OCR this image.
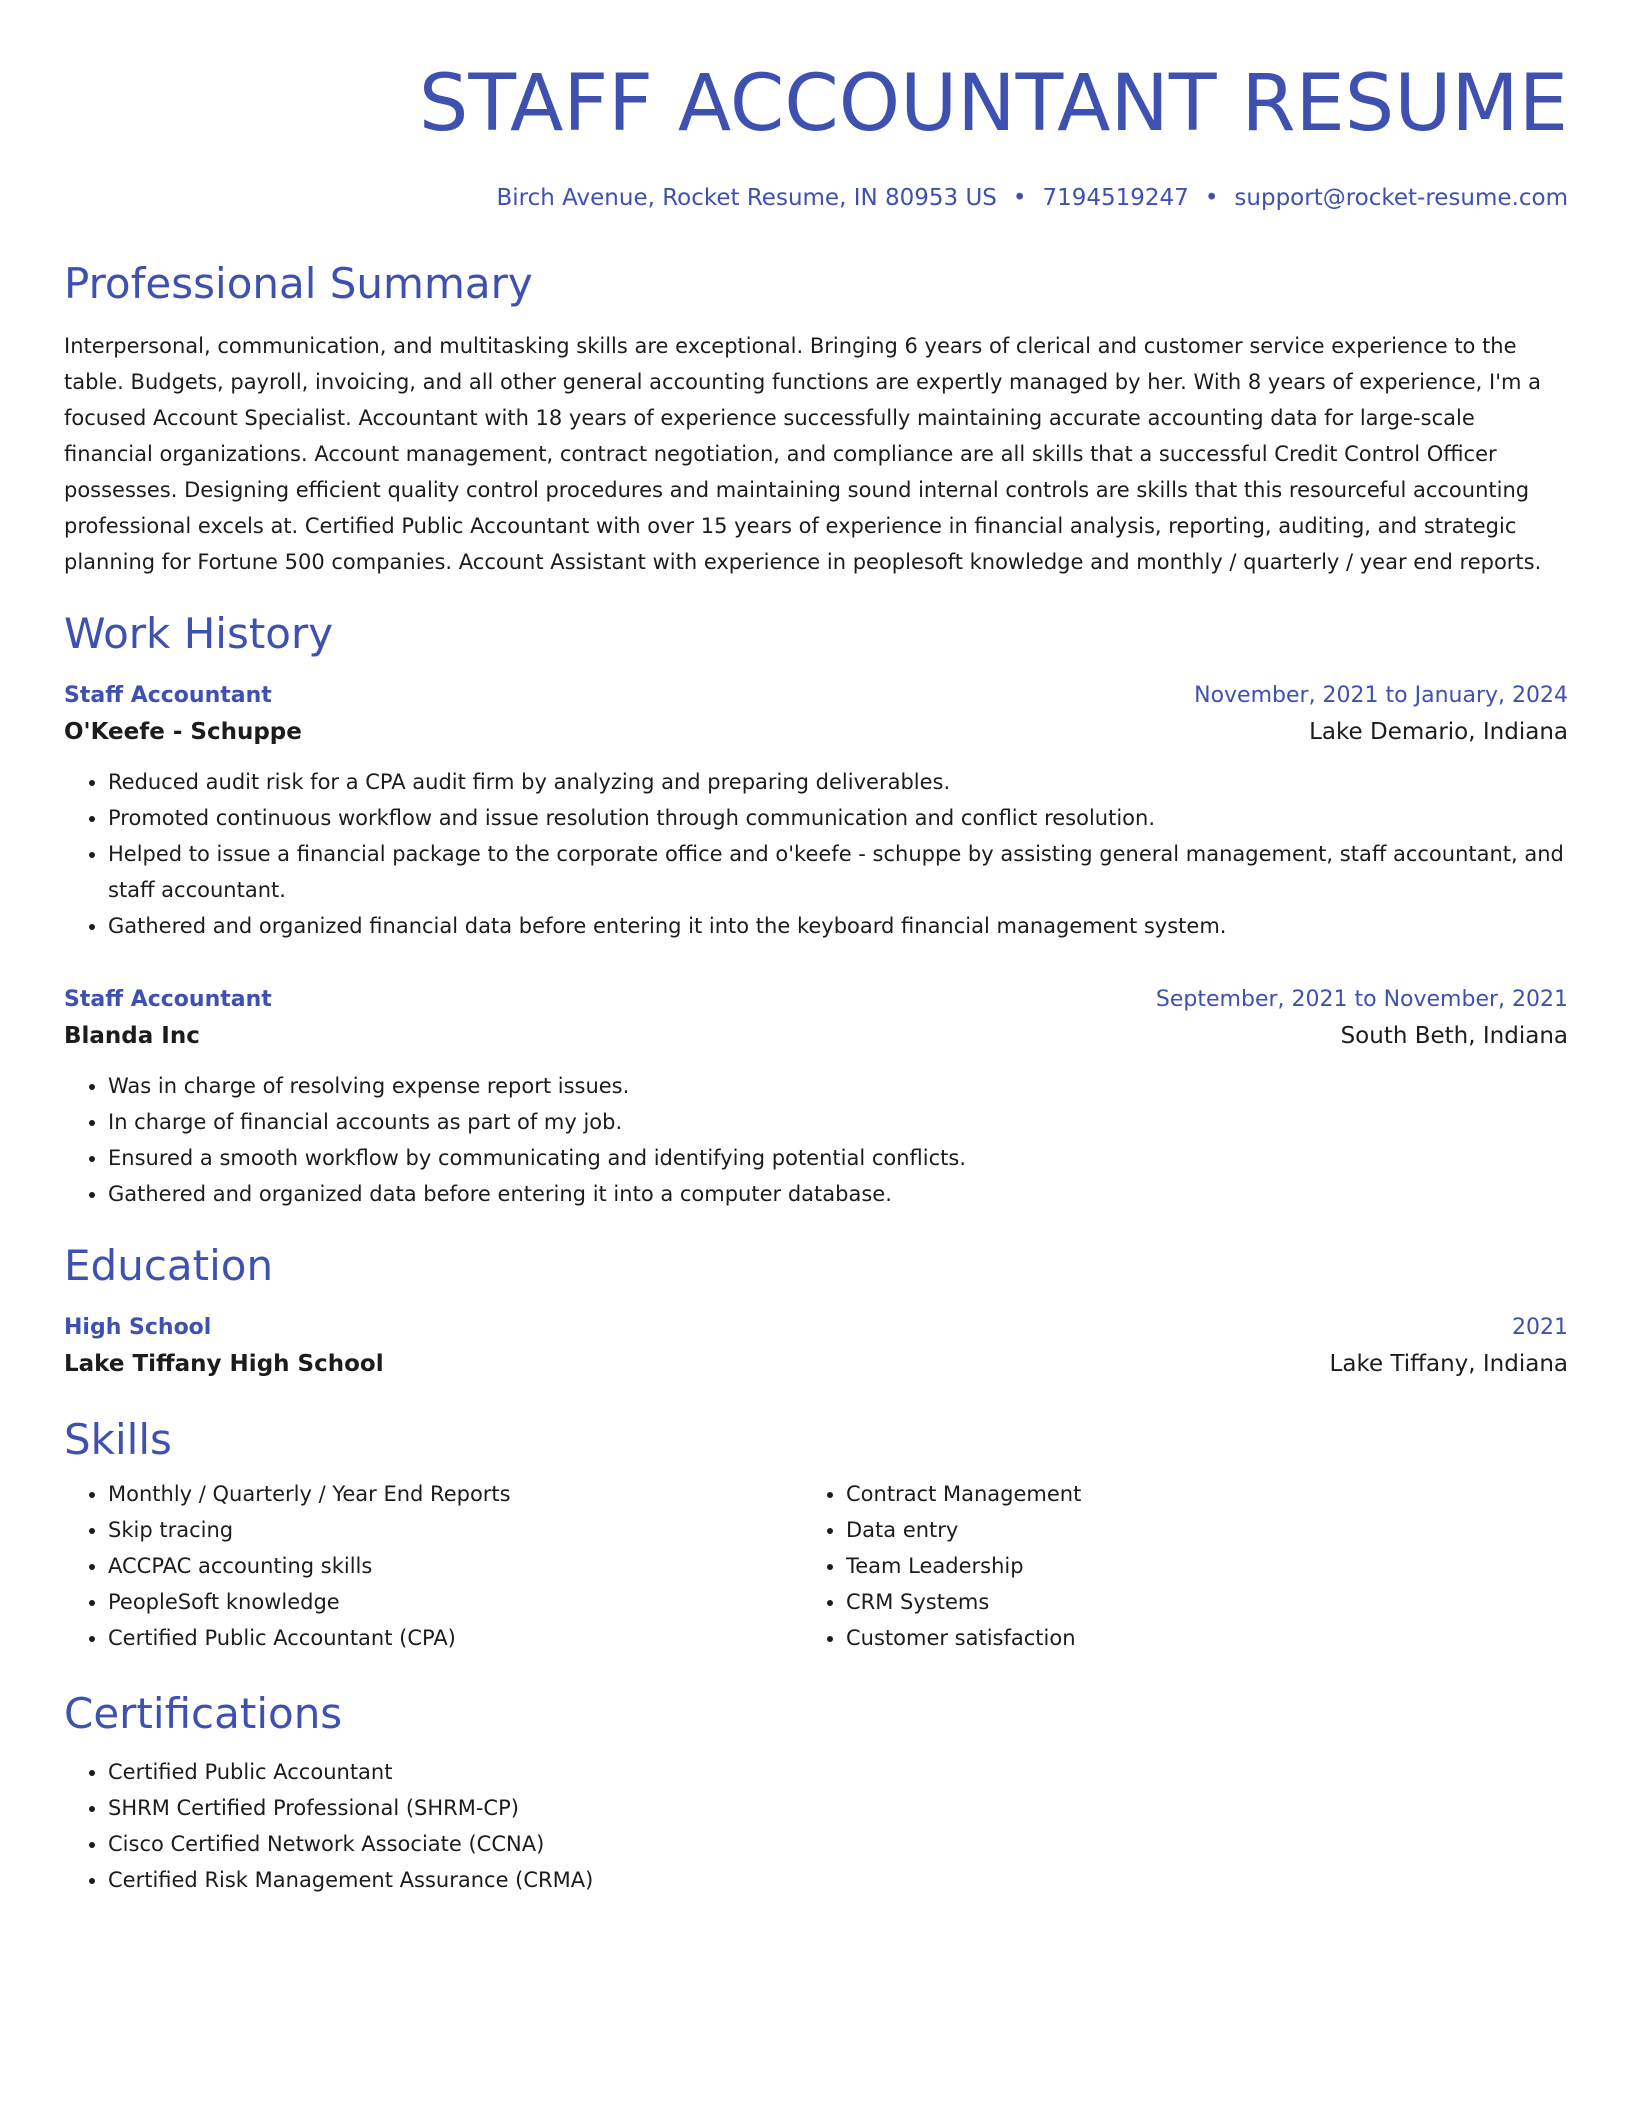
STAFF ACCOUNTANT RESUME
Birch Avenue, Rocket Resume, IN 80953 US • 7194519247 • support@rocket-resume.com
Professional Summary

Interpersonal, communication, and multitasking skills are exceptional. Bringing 6 years of clerical and customer service experience to the table. Budgets, payroll, invoicing, and all other general accounting functions are expertly managed by her. With 8 years of experience, I'm a focused Account Specialist. Accountant with 18 years of experience successfully maintaining accurate accounting data for large-scale financial organizations. Account management, contract negotiation, and compliance are all skills that a successful Credit Control Officer possesses. Designing efficient quality control procedures and maintaining sound internal controls are skills that this resourceful accounting professional excels at. Certified Public Accountant with over 15 years of experience in financial analysis, reporting, auditing, and strategic planning for Fortune 500 companies. Account Assistant with experience in peoplesoft knowledge and monthly / quarterly / year end reports.

Work History
Staff Accountant	November, 2021 to January, 2024
O'Keefe - Schuppe	Lake Demario, Indiana
• Reduced audit risk for a CPA audit firm by analyzing and preparing deliverables.
• Promoted continuous workflow and issue resolution through communication and conflict resolution.
• Helped to issue a financial package to the corporate office and o'keefe - schuppe by assisting general management, staff accountant, and staff accountant.
• Gathered and organized financial data before entering it into the keyboard financial management system.
Staff Accountant	September, 2021 to November, 2021
Blanda Inc	South Beth, Indiana
• Was in charge of resolving expense report issues.
• In charge of financial accounts as part of my job.
• Ensured a smooth workflow by communicating and identifying potential conflicts.
• Gathered and organized data before entering it into a computer database.
Education
High School	2021
Lake Tiffany High School	Lake Tiffany, Indiana
Skills
• Monthly / Quarterly / Year End Reports
• Skip tracing
• ACCPAC accounting skills
• PeopleSoft knowledge
• Certified Public Accountant (CPA)
• Contract Management
• Data entry
• Team Leadership
• CRM Systems
• Customer satisfaction
Certifications
• Certified Public Accountant
• SHRM Certified Professional (SHRM-CP)
• Cisco Certified Network Associate (CCNA)
• Certified Risk Management Assurance (CRMA)
